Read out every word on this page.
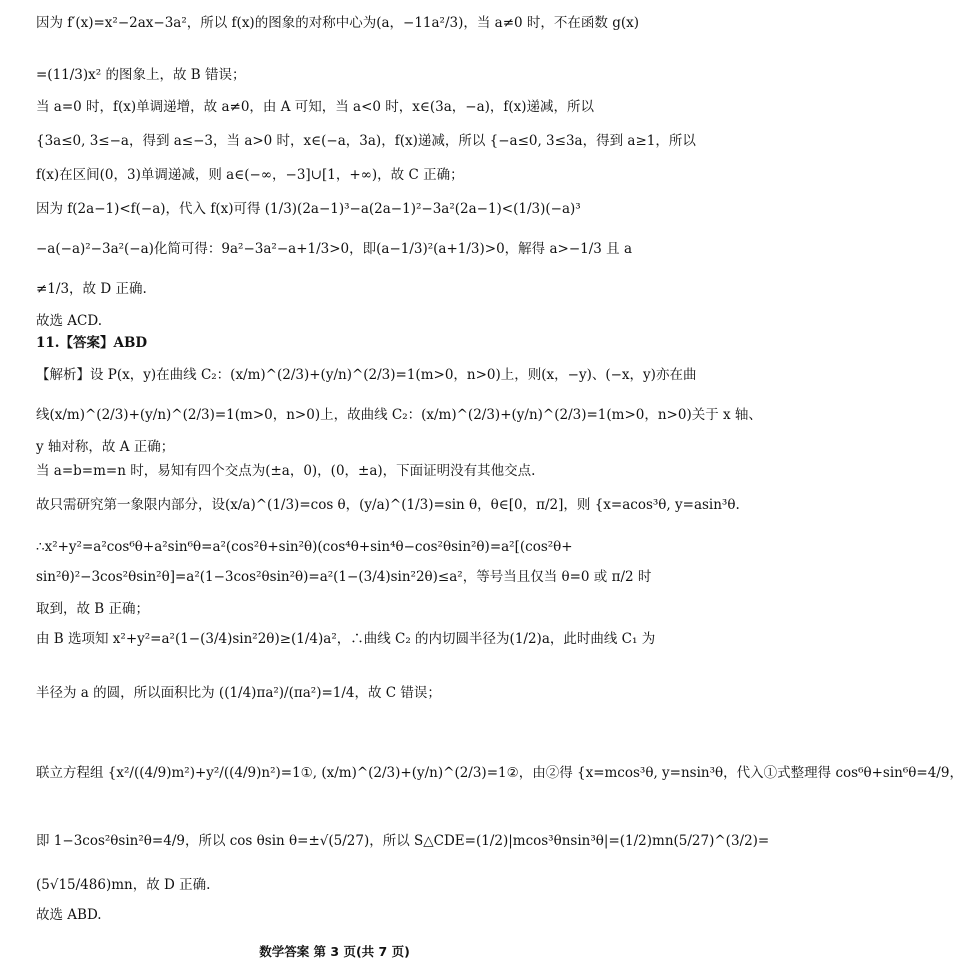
因为 f′(x)=x²−2ax−3a²，所以 f(x)的图象的对称中心为(a，−11a²/3)，当 a≠0 时，不在函数 g(x)
=(11/3)x² 的图象上，故 B 错误；
当 a=0 时，f(x)单调递增，故 a≠0，由 A 可知，当 a<0 时，x∈(3a，−a)，f(x)递减，所以
{3a≤0, 3≤−a，得到 a≤−3，当 a>0 时，x∈(−a，3a)，f(x)递减，所以 {−a≤0, 3≤3a，得到 a≥1，所以
f(x)在区间(0，3)单调递减，则 a∈(−∞，−3]∪[1，+∞)，故 C 正确；
因为 f(2a−1)<f(−a)，代入 f(x)可得 (1/3)(2a−1)³−a(2a−1)²−3a²(2a−1)<(1/3)(−a)³
−a(−a)²−3a²(−a)化简可得：9a²−3a²−a+1/3>0，即(a−1/3)²(a+1/3)>0，解得 a>−1/3 且 a
≠1/3，故 D 正确.
故选 ACD.
11.【答案】ABD
【解析】设 P(x，y)在曲线 C₂：(x/m)^(2/3)+(y/n)^(2/3)=1(m>0，n>0)上，则(x，−y)、(−x，y)亦在曲
线(x/m)^(2/3)+(y/n)^(2/3)=1(m>0，n>0)上，故曲线 C₂：(x/m)^(2/3)+(y/n)^(2/3)=1(m>0，n>0)关于 x 轴、
y 轴对称，故 A 正确；
当 a=b=m=n 时，易知有四个交点为(±a，0)，(0，±a)，下面证明没有其他交点.
故只需研究第一象限内部分，设(x/a)^(1/3)=cos θ，(y/a)^(1/3)=sin θ，θ∈[0，π/2]，则 {x=acos³θ, y=asin³θ.
∴x²+y²=a²cos⁶θ+a²sin⁶θ=a²(cos²θ+sin²θ)(cos⁴θ+sin⁴θ−cos²θsin²θ)=a²[(cos²θ+
sin²θ)²−3cos²θsin²θ]=a²(1−3cos²θsin²θ)=a²(1−(3/4)sin²2θ)≤a²，等号当且仅当 θ=0 或 π/2 时
取到，故 B 正确；
由 B 选项知 x²+y²=a²(1−(3/4)sin²2θ)≥(1/4)a²，∴曲线 C₂ 的内切圆半径为(1/2)a，此时曲线 C₁ 为
半径为 a 的圆，所以面积比为 ((1/4)πa²)/(πa²)=1/4，故 C 错误；
联立方程组 {x²/((4/9)m²)+y²/((4/9)n²)=1①, (x/m)^(2/3)+(y/n)^(2/3)=1②，由②得 {x=mcos³θ, y=nsin³θ，代入①式整理得 cos⁶θ+sin⁶θ=4/9，
即 1−3cos²θsin²θ=4/9，所以 cos θsin θ=±√(5/27)，所以 S△CDE=(1/2)|mcos³θnsin³θ|=(1/2)mn(5/27)^(3/2)=
(5√15/486)mn，故 D 正确.
故选 ABD.
数学答案 第 3 页(共 7 页)
